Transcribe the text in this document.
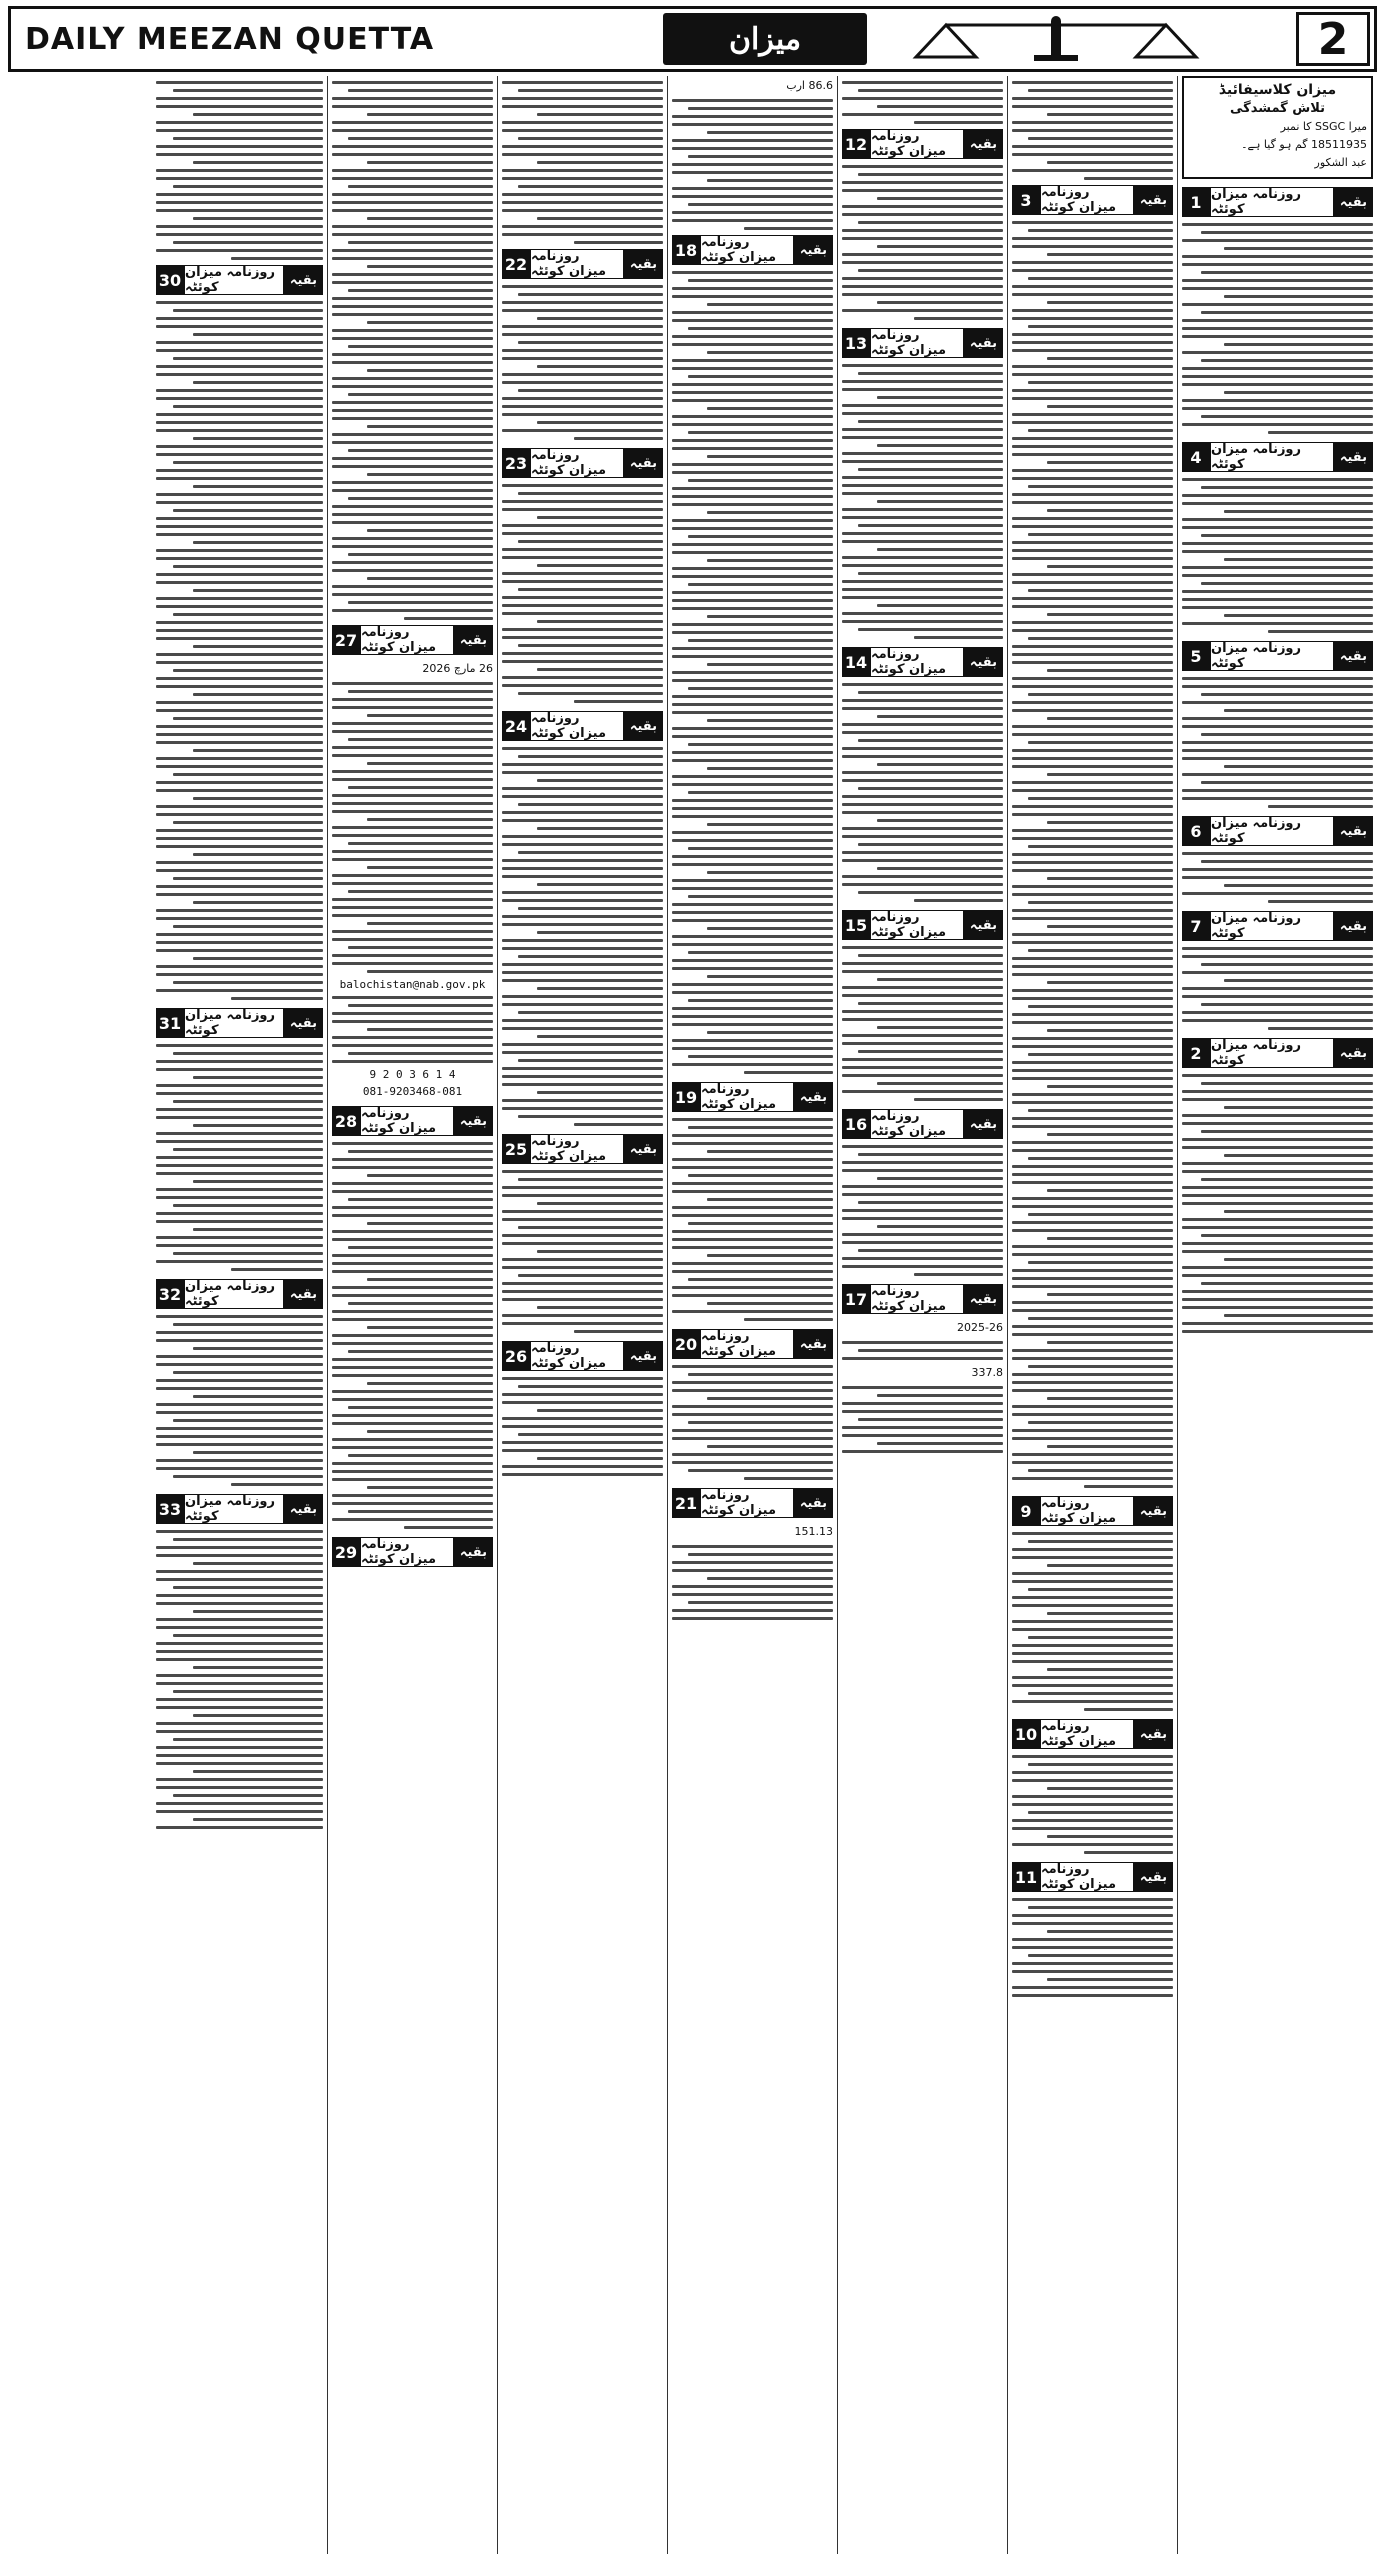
DAILY MEEZAN QUETTA	میزان	2
میزان کلاسیفائیڈ
تلاش گمشدگی
میرا SSGC کا نمبر
18511935 گم ہو گیا ہے۔
عبد الشکور
بقیہ
روزنامہ میزان کوئٹہ
1
بقیہ
روزنامہ میزان کوئٹہ
4
بقیہ
روزنامہ میزان کوئٹہ
5
بقیہ
روزنامہ میزان کوئٹہ
6
بقیہ
روزنامہ میزان کوئٹہ
7
بقیہ
روزنامہ میزان کوئٹہ
2
بقیہ
روزنامہ میزان کوئٹہ
3
بقیہ
روزنامہ میزان کوئٹہ
9
بقیہ
روزنامہ میزان کوئٹہ
10
بقیہ
روزنامہ میزان کوئٹہ
11
بقیہ
روزنامہ میزان کوئٹہ
12
بقیہ
روزنامہ میزان کوئٹہ
13
بقیہ
روزنامہ میزان کوئٹہ
14
بقیہ
روزنامہ میزان کوئٹہ
15
بقیہ
روزنامہ میزان کوئٹہ
16
بقیہ
روزنامہ میزان کوئٹہ
17
2025-26
337.8
86.6 ارب
بقیہ
روزنامہ میزان کوئٹہ
18
بقیہ
روزنامہ میزان کوئٹہ
19
بقیہ
روزنامہ میزان کوئٹہ
20
بقیہ
روزنامہ میزان کوئٹہ
21
151.13
بقیہ
روزنامہ میزان کوئٹہ
22
بقیہ
روزنامہ میزان کوئٹہ
23
بقیہ
روزنامہ میزان کوئٹہ
24
بقیہ
روزنامہ میزان کوئٹہ
25
بقیہ
روزنامہ میزان کوئٹہ
26
بقیہ
روزنامہ میزان کوئٹہ
27
26 مارچ 2026
balochistan@nab.gov.pk
9 2 0 3 6 1 4
081-9203468-081
بقیہ
روزنامہ میزان کوئٹہ
28
بقیہ
روزنامہ میزان کوئٹہ
29
بقیہ
روزنامہ میزان کوئٹہ
30
بقیہ
روزنامہ میزان کوئٹہ
31
بقیہ
روزنامہ میزان کوئٹہ
32
بقیہ
روزنامہ میزان کوئٹہ
33
